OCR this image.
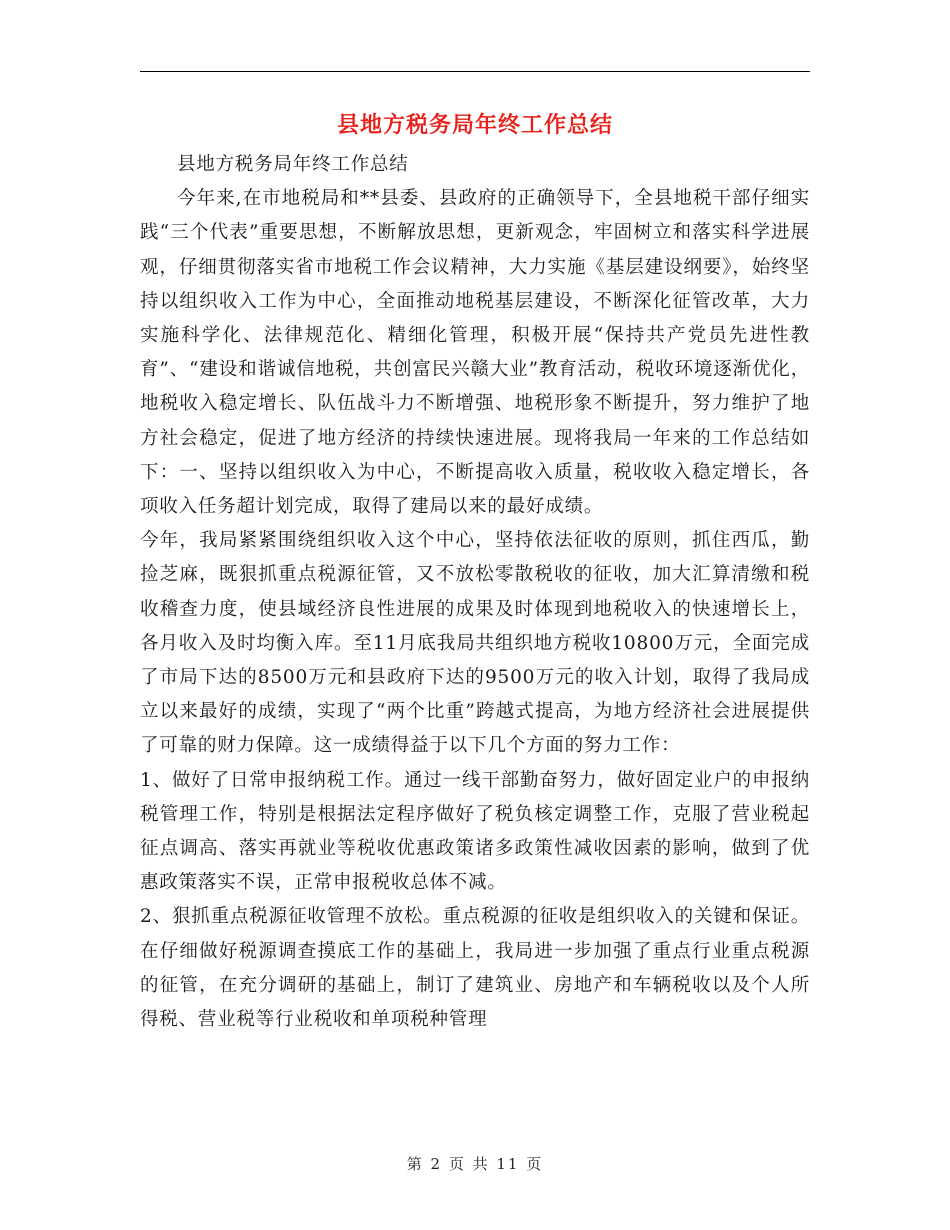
县地方税务局年终工作总结

县地方税务局年终工作总结

今年来,在市地税局和**县委、县政府的正确领导下，全县地税干部仔细实践“三个代表”重要思想，不断解放思想，更新观念，牢固树立和落实科学进展观，仔细贯彻落实省市地税工作会议精神，大力实施《基层建设纲要》，始终坚持以组织收入工作为中心，全面推动地税基层建设，不断深化征管改革，大力实施科学化、法律规范化、精细化管理，积极开展“保持共产党员先进性教育”、“建设和谐诚信地税，共创富民兴赣大业”教育活动，税收环境逐渐优化，地税收入稳定增长、队伍战斗力不断增强、地税形象不断提升，努力维护了地方社会稳定，促进了地方经济的持续快速进展。现将我局一年来的工作总结如下：一、坚持以组织收入为中心，不断提高收入质量，税收收入稳定增长，各项收入任务超计划完成，取得了建局以来的最好成绩。

今年，我局紧紧围绕组织收入这个中心，坚持依法征收的原则，抓住西瓜，勤捡芝麻，既狠抓重点税源征管，又不放松零散税收的征收，加大汇算清缴和税收稽查力度，使县域经济良性进展的成果及时体现到地税收入的快速增长上，各月收入及时均衡入库。至11月底我局共组织地方税收10800万元，全面完成了市局下达的8500万元和县政府下达的9500万元的收入计划，取得了我局成立以来最好的成绩，实现了“两个比重”跨越式提高，为地方经济社会进展提供了可靠的财力保障。这一成绩得益于以下几个方面的努力工作：

1、做好了日常申报纳税工作。通过一线干部勤奋努力，做好固定业户的申报纳税管理工作，特别是根据法定程序做好了税负核定调整工作，克服了营业税起征点调高、落实再就业等税收优惠政策诸多政策性减收因素的影响，做到了优惠政策落实不误，正常申报税收总体不减。

2、狠抓重点税源征收管理不放松。重点税源的征收是组织收入的关键和保证。在仔细做好税源调查摸底工作的基础上，我局进一步加强了重点行业重点税源的征管，在充分调研的基础上，制订了建筑业、房地产和车辆税收以及个人所得税、营业税等行业税收和单项税种管理

第 2 页 共 11 页
